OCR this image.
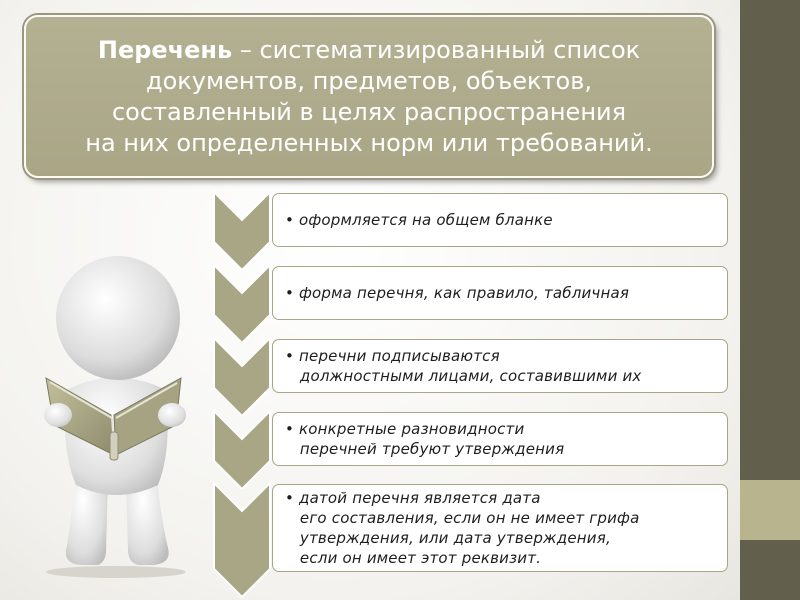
Перечень – систематизированный список
документов, предметов, объектов,
составленный в целях распространения
на них определенных норм или требований.
• оформляется на общем бланке
• форма перечня, как правило, табличная
• перечни подписываются
должностными лицами, составившими их
• конкретные разновидности
перечней требуют утверждения
• датой перечня является дата
его составления, если он не имеет грифа
утверждения, или дата утверждения,
если он имеет этот реквизит.
